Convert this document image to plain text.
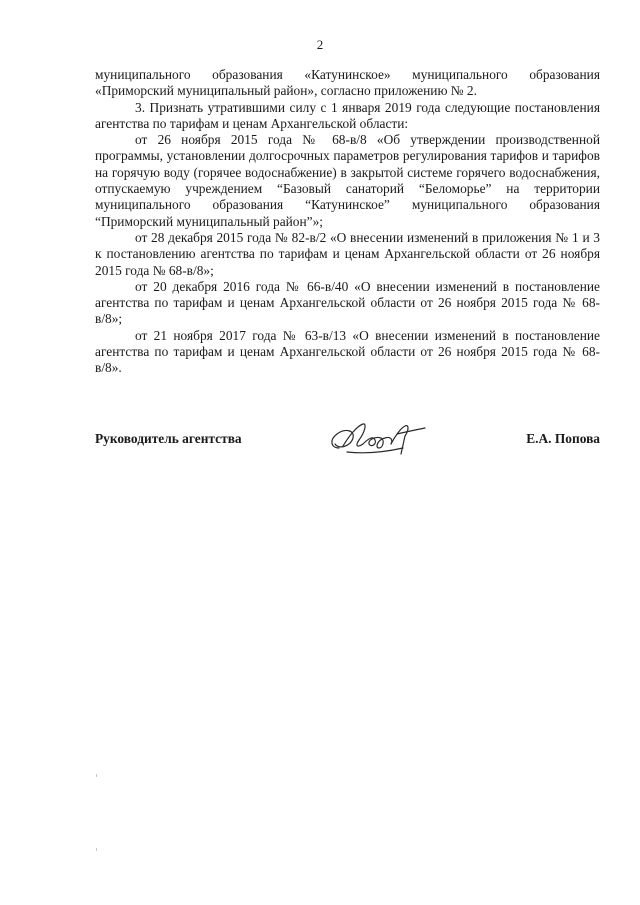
2

муниципального образования «Катунинское» муниципального образования «Приморский муниципальный район», согласно приложению № 2.

3. Признать утратившими силу с 1 января 2019 года следующие постановления агентства по тарифам и ценам Архангельской области:

от 26 ноября 2015 года № 68-в/8 «Об утверждении производственной программы, установлении долгосрочных параметров регулирования тарифов и тарифов на горячую воду (горячее водоснабжение) в закрытой системе горячего водоснабжения, отпускаемую учреждением “Базовый санаторий “Беломорье” на территории муниципального образования “Катунинское” муниципального образования “Приморский муниципальный район”»;

от 28 декабря 2015 года № 82-в/2 «О внесении изменений в приложения № 1 и 3 к постановлению агентства по тарифам и ценам Архангельской области от 26 ноября 2015 года № 68-в/8»;

от 20 декабря 2016 года № 66-в/40 «О внесении изменений в постановление агентства по тарифам и ценам Архангельской области от 26 ноября 2015 года № 68-в/8»;

от 21 ноября 2017 года № 63-в/13 «О внесении изменений в постановление агентства по тарифам и ценам Архангельской области от 26 ноября 2015 года № 68-в/8».

Руководитель агентства	Е.А. Попова
